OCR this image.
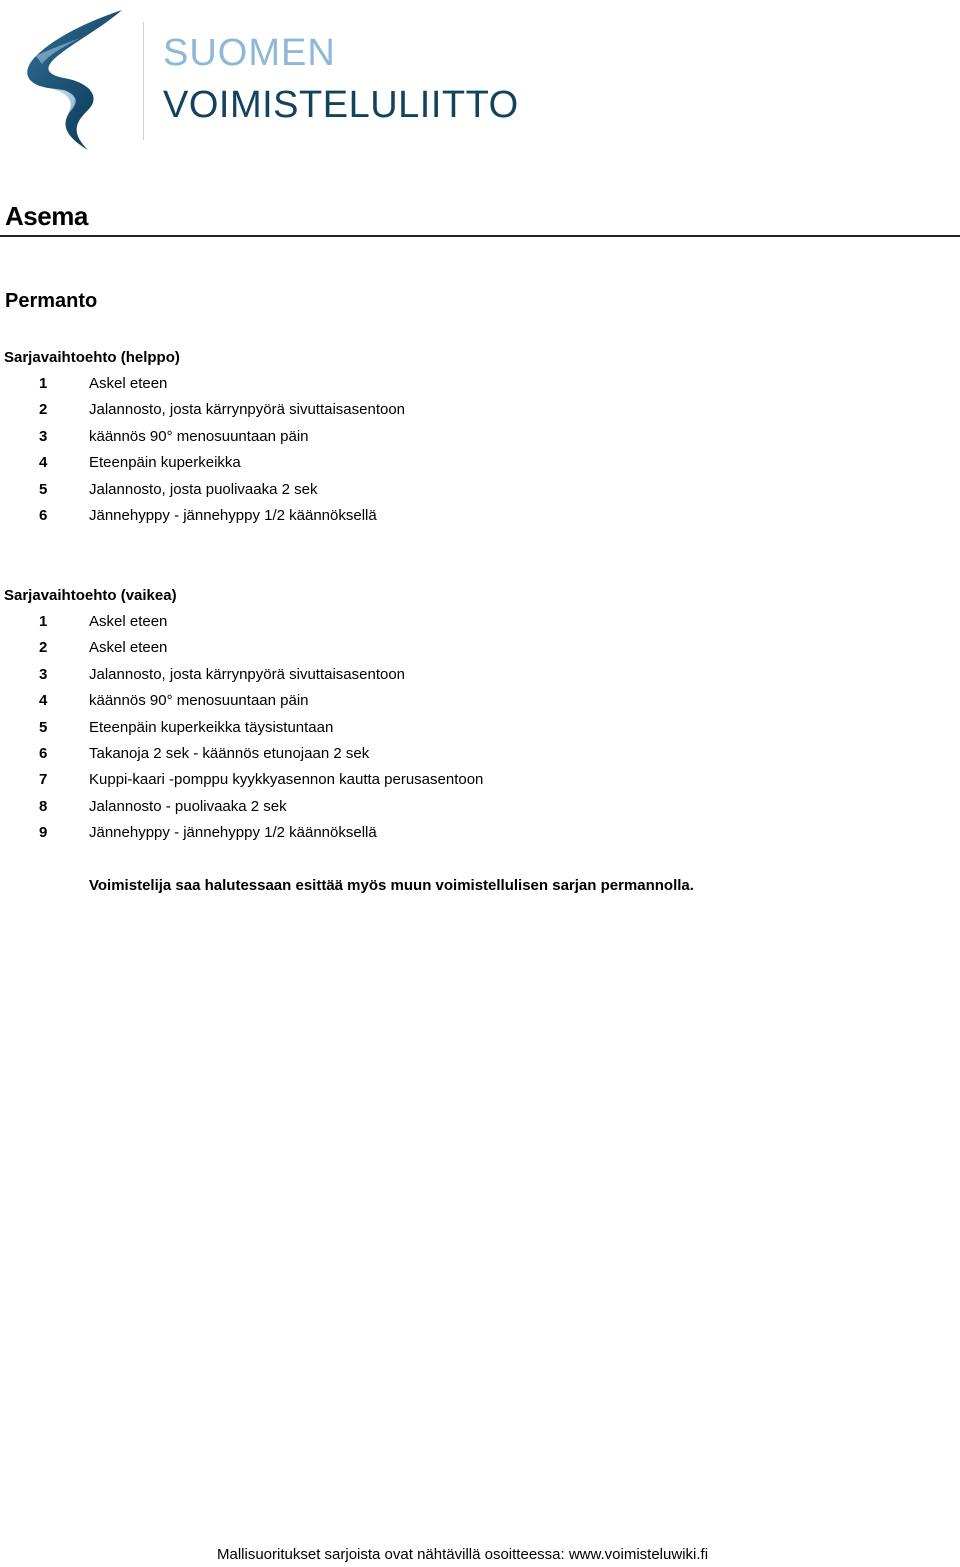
SUOMEN
VOIMISTELULIITTO
Asema
Permanto
Sarjavaihtoehto (helppo)
1	Askel eteen
2	Jalannosto, josta kärrynpyörä sivuttaisasentoon
3	käännös 90° menosuuntaan päin
4	Eteenpäin kuperkeikka
5	Jalannosto, josta puolivaaka 2 sek
6	Jännehyppy - jännehyppy 1/2 käännöksellä
Sarjavaihtoehto (vaikea)
1	Askel eteen
2	Askel eteen
3	Jalannosto, josta kärrynpyörä sivuttaisasentoon
4	käännös 90° menosuuntaan päin
5	Eteenpäin kuperkeikka täysistuntaan
6	Takanoja 2 sek - käännös etunojaan 2 sek
7	Kuppi-kaari -pomppu kyykkyasennon kautta perusasentoon
8	Jalannosto - puolivaaka 2 sek
9	Jännehyppy - jännehyppy 1/2 käännöksellä
Voimistelija saa halutessaan esittää myös muun voimistellulisen sarjan permannolla.
Mallisuoritukset sarjoista ovat nähtävillä osoitteessa: www.voimisteluwiki.fi
